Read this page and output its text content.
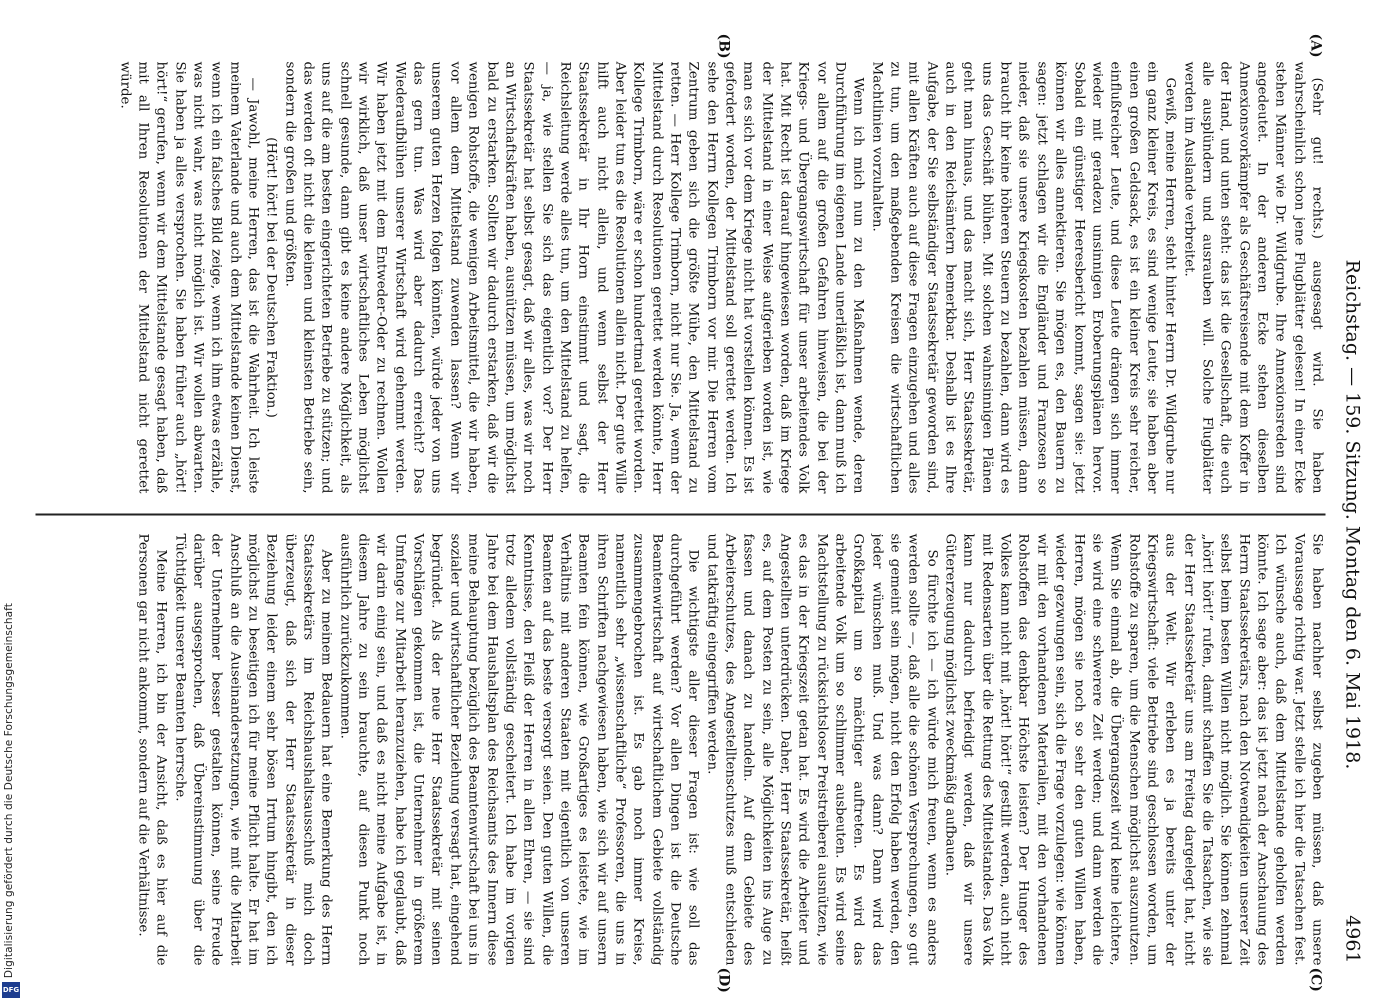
Digitalisierung gefördert durch die Deutsche Forschungsgemeinschaft
DFG
Reichstag. — 159. Sitzung. Montag den 6. Mai 1918.
4961

(Sehr gut! rechts.) ausgesagt wird. Sie haben wahrscheinlich schon jene Flugblätter gelesen! In einer Ecke stehen Männer wie Dr. Wildgrube. Ihre Annexionsreden sind angedeutet. In der anderen Ecke stehen dieselben Annexionsvorkämpfer als Geschäftsreisende mit dem Koffer in der Hand, und unten steht: das ist die Gesellschaft, die euch alle ausplündern und ausrauben will. Solche Flugblätter werden im Auslande verbreitet.

Gewiß, meine Herren, steht hinter Herrn Dr. Wildgrube nur ein ganz kleiner Kreis, es sind wenige Leute; sie haben aber einen großen Geldsack, es ist ein kleiner Kreis sehr reicher, einflußreicher Leute, und diese Leute drängen sich immer wieder mit geradezu unsinnigen Eroberungsplänen hervor. Sobald ein günstiger Heeresbericht kommt, sagen sie: jetzt können wir alles annektieren. Sie mögen es, den Bauern zu sagen: jetzt schlagen wir die Engländer und Franzosen so nieder, daß sie unsere Kriegskosten bezahlen müssen, dann braucht ihr keine höheren Steuern zu bezahlen, dann wird es uns das Geschäft blühen. Mit solchen wahnsinnigen Plänen geht man hinaus, und das macht sich, Herr Staatssekretär, auch in den Reichsämtern bemerkbar. Deshalb ist es Ihre Aufgabe, der Sie selbständiger Staatssekretär geworden sind, mit allen Kräften auch auf diese Fragen einzugehen und alles zu tun, um den maßgebenden Kreisen die wirtschaftlichen Machtlinien vorzuhalten.

Wenn ich mich nun zu den Maßnahmen wende, deren Durchführung im eigenen Lande unerläßlich ist, dann muß ich vor allem auf die großen Gefahren hinweisen, die bei der Kriegs- und Übergangswirtschaft für unser arbeitendes Volk hat. Mit Recht ist darauf hingewiesen worden, daß im Kriege der Mittelstand in einer Weise aufgerieben worden ist, wie man es sich vor dem Kriege nicht hat vorstellen können. Es ist gefordert worden, der Mittelstand soll gerettet werden. Ich sehe den Herrn Kollegen Trimborn vor mir. Die Herren vom Zentrum geben sich die größte Mühe, den Mittelstand zu retten. — Herr Kollege Trimborn, nicht nur Sie. Ja, wenn der Mittelstand durch Resolutionen gerettet werden könnte, Herr Kollege Trimborn, wäre er schon hundertmal gerettet worden. Aber leider tun es die Resolutionen allein nicht. Der gute Wille hilft auch nicht allein, und wenn selbst der Herr Staatssekretär in Ihr Horn einstimmt und sagt, die Reichsleitung werde alles tun, um den Mittelstand zu helfen, — ja, wie stellen Sie sich das eigentlich vor? Der Herr Staatssekretär hat selbst gesagt, daß wir alles, was wir noch an Wirtschaftskräften haben, ausnützen müssen, um möglichst bald zu erstarken. Sollten wir dadurch erstarken, daß wir die wenigen Rohstoffe, die wenigen Arbeitsmittel, die wir haben, vor allem dem Mittelstand zuwenden lassen? Wenn wir unserem guten Herzen folgen könnten, würde jeder von uns das gern tun. Was wird aber dadurch erreicht? Das Wiederaufblühen unserer Wirtschaft wird gehemmt werden. Wir haben jetzt mit dem Entweder-Oder zu rechnen. Wollen wir wirklich, daß unser wirtschaftliches Leben möglichst schnell gesunde, dann gibt es keine andere Möglichkeit, als uns auf die am besten eingerichteten Betriebe zu stützen; und das werden oft nicht die kleinen und kleinsten Betriebe sein, sondern die großen und größten.

(Hört! hört! bei der Deutschen Fraktion.)

— Jawohl, meine Herren, das ist die Wahrheit. Ich leiste meinem Vaterlande und auch dem Mittelstande keinen Dienst, wenn ich ein falsches Bild zeige, wenn ich ihm etwas erzähle, was nicht wahr, was nicht möglich ist. Wir wollen abwarten. Sie haben ja alles versprochen. Sie haben früher auch „hört! hört!“ gerufen, wenn wir dem Mittelstande gesagt haben, daß mit all Ihren Resolutionen der Mittelstand nicht gerettet würde.

Sie haben nachher selbst zugeben müssen, daß unsere Voraussage richtig war. Jetzt stelle ich hier die Tatsachen fest. Ich wünsche auch, daß dem Mittelstande geholfen werden könnte. Ich sage aber: das ist jetzt nach der Anschauung des Herrn Staatssekretärs, nach den Notwendigkeiten unserer Zeit selbst beim besten Willen nicht möglich. Sie können zehnmal „hört! hört!“ rufen, damit schaffen Sie die Tatsachen, wie sie der Herr Staatssekretär uns am Freitag dargelegt hat, nicht aus der Welt. Wir erleben es ja bereits unter der Kriegswirtschaft: viele Betriebe sind geschlossen worden, um Rohstoffe zu sparen, um die Menschen möglichst auszunutzen. Wenn Sie einmal ab, die Übergangszeit wird keine leichtere, sie wird eine schwerere Zeit werden; und dann werden die Herren, mögen sie noch so sehr den guten Willen haben, wieder gezwungen sein, sich die Frage vorzulegen: wie können wir mit den vorhandenen Materialien, mit den vorhandenen Rohstoffen das denkbar Höchste leisten? Der Hunger des Volkes kann nicht mit „hört! hört!“ gestillt werden, auch nicht mit Redensarten über die Rettung des Mittelstandes. Das Volk kann nur dadurch befriedigt werden, daß wir unsere Gütererzeugung möglichst zweckmäßig aufbauen.

So fürchte ich — ich würde mich freuen, wenn es anders werden sollte —, daß alle die schönen Versprechungen, so gut sie gemeint sein mögen, nicht den Erfolg haben werden, den jeder wünschen muß. Und was dann? Dann wird das Großkapital um so mächtiger auftreten. Es wird das arbeitende Volk um so schlimmer ausbeuten. Es wird seine Machtstellung zu rücksichtsloser Preistreiberei ausnützen, wie es das in der Kriegszeit getan hat. Es wird die Arbeiter und Angestellten unterdrücken. Daher, Herr Staatssekretär, heißt es, auf dem Posten zu sein, alle Möglichkeiten ins Auge zu fassen und danach zu handeln. Auf dem Gebiete des Arbeiterschutzes, des Angestelltenschutzes muß entschieden und tatkräftig eingegriffen werden.

Die wichtigste aller dieser Fragen ist: wie soll das durchgeführt werden? Vor allen Dingen ist die Deutsche Beamtenwirtschaft auf wirtschaftlichem Gebiete vollständig zusammengebrochen ist. Es gab noch immer Kreise, namentlich sehr „wissenschaftliche“ Professoren, die uns in ihren Schriften nachgewiesen haben, wie sich wir auf unsern Beamten fein können, wie Großartiges es leistete, wie im Verhältnis mit anderen Staaten mit eigentlich von unseren Beamten auf das beste versorgt seien. Den guten Willen, die Kenntnisse, den Fleiß der Herren in allen Ehren, — sie sind trotz alledem vollständig gescheitert. Ich habe im vorigen Jahre bei dem Haushaltsplan des Reichsamts des Innern diese meine Behauptung bezüglich des Beamtenwirtschaft bei uns in sozialer und wirtschaftlicher Beziehung versagt hat, eingehend begründet. Als der neue Herr Staatssekretär mit seinen Vorschlägen gekommen ist, die Unternehmer in größerem Umfange zur Mitarbeit heranzuziehen, habe ich geglaubt, daß wir darin einig sein, und daß es nicht meine Aufgabe ist, in diesem Jahre zu sein brauchte, auf diesen Punkt noch ausführlich zurückzukommen.

Aber zu meinem Bedauern hat eine Bemerkung des Herrn Staatssekretärs im Reichshaushaltsausschuß mich doch überzeugt, daß sich der Herr Staatssekretär in dieser Beziehung leider einem sehr bösen Irrtum hingibt, den ich möglichst zu beseitigen ich für meine Pflicht halte. Er hat im Anschluß an die Auseinandersetzungen, wie mit die Mitarbeit der Unternehmer besser gestalten können, seine Freude darüber ausgesprochen, daß Übereinstimmung über die Tüchtigkeit unserer Beamten herrsche.

Meine Herren, ich bin der Ansicht, daß es hier auf die Personen gar nicht ankommt, sondern auf die Verhältnisse.

(A)
(B)
(C)
(D)
